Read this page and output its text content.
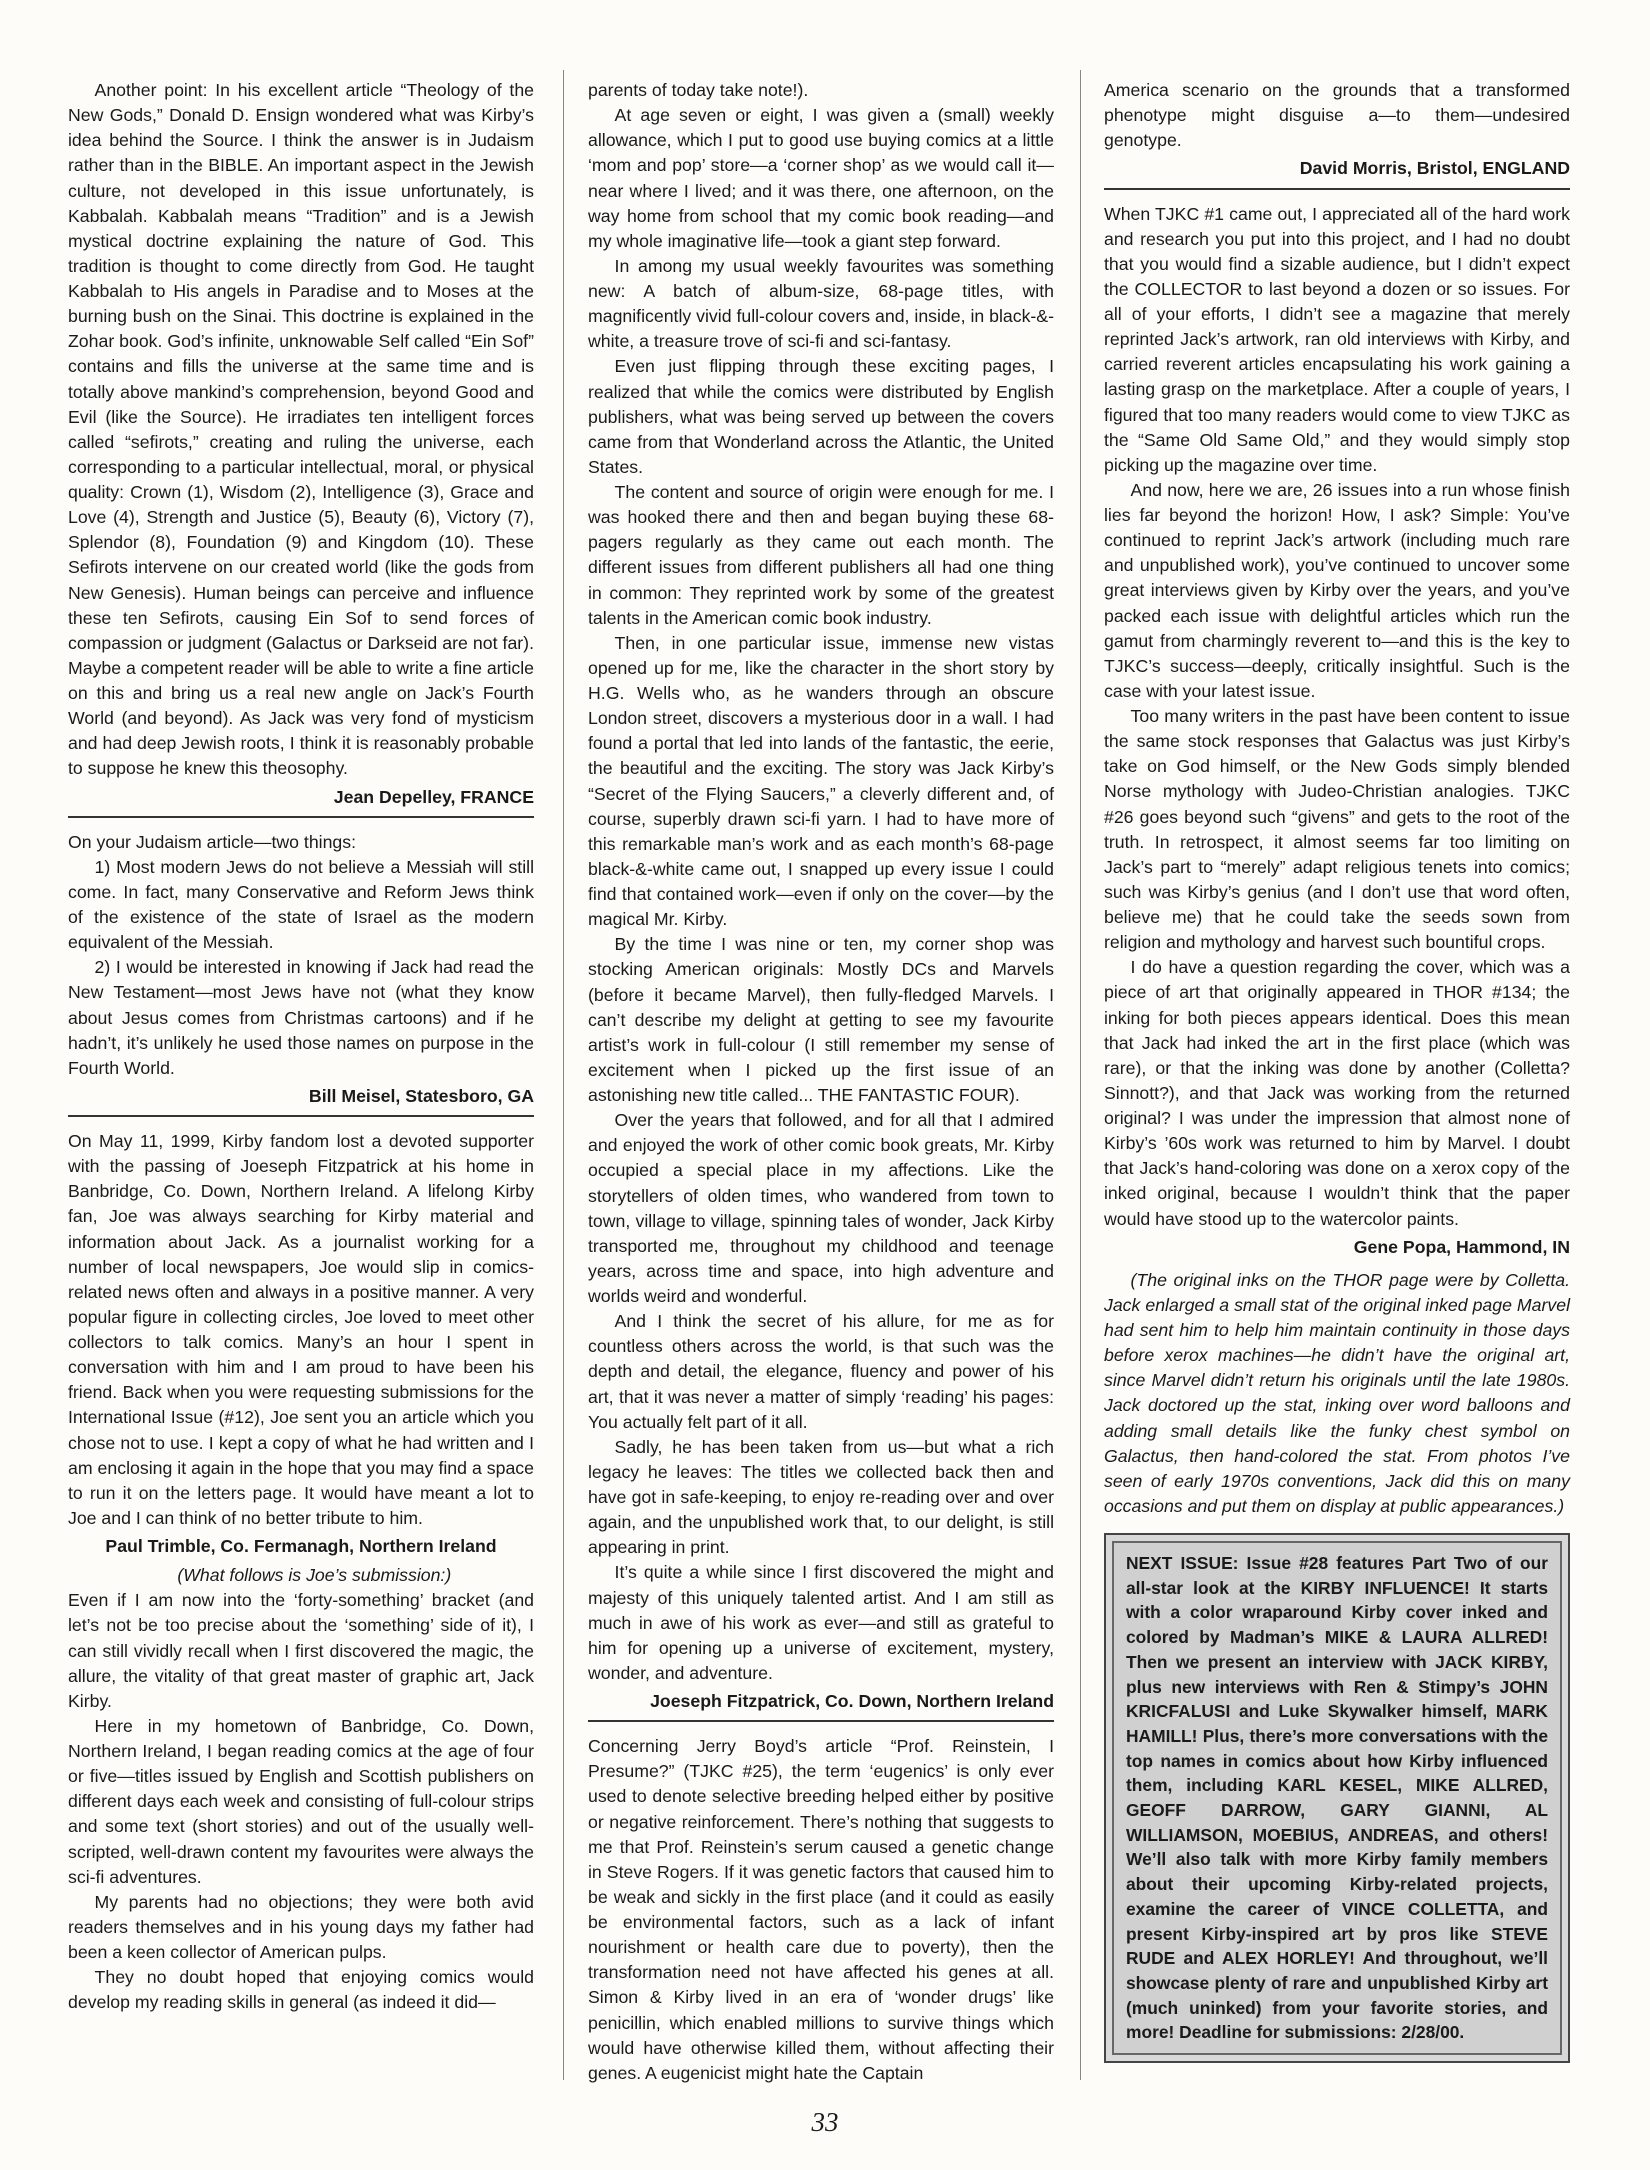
Another point: In his excellent article “Theology of the New Gods,” Donald D. Ensign wondered what was Kirby’s idea behind the Source. I think the answer is in Judaism rather than in the BIBLE. An important aspect in the Jewish culture, not developed in this issue unfortunately, is Kabbalah. Kabbalah means “Tradition” and is a Jewish mystical doctrine explaining the nature of God. This tradition is thought to come directly from God. He taught Kabbalah to His angels in Paradise and to Moses at the burning bush on the Sinai. This doctrine is explained in the Zohar book. God’s infinite, unknowable Self called “Ein Sof” contains and fills the universe at the same time and is totally above mankind’s comprehension, beyond Good and Evil (like the Source). He irradiates ten intelligent forces called “sefirots,” creating and ruling the universe, each corresponding to a particular intellectual, moral, or physical quality: Crown (1), Wisdom (2), Intelligence (3), Grace and Love (4), Strength and Justice (5), Beauty (6), Victory (7), Splendor (8), Foundation (9) and Kingdom (10). These Sefirots intervene on our created world (like the gods from New Genesis). Human beings can perceive and influence these ten Sefirots, causing Ein Sof to send forces of compassion or judgment (Galactus or Darkseid are not far). Maybe a competent reader will be able to write a fine article on this and bring us a real new angle on Jack’s Fourth World (and beyond). As Jack was very fond of mysticism and had deep Jewish roots, I think it is reasonably probable to suppose he knew this theosophy.

Jean Depelley, FRANCE

On your Judaism article—two things:

1) Most modern Jews do not believe a Messiah will still come. In fact, many Conservative and Reform Jews think of the existence of the state of Israel as the modern equivalent of the Messiah.

2) I would be interested in knowing if Jack had read the New Testament—most Jews have not (what they know about Jesus comes from Christmas cartoons) and if he hadn’t, it’s unlikely he used those names on purpose in the Fourth World.

Bill Meisel, Statesboro, GA

On May 11, 1999, Kirby fandom lost a devoted supporter with the passing of Joeseph Fitzpatrick at his home in Banbridge, Co. Down, Northern Ireland. A lifelong Kirby fan, Joe was always searching for Kirby material and information about Jack. As a journalist working for a number of local newspapers, Joe would slip in comics-related news often and always in a positive manner. A very popular figure in collecting circles, Joe loved to meet other collectors to talk comics. Many’s an hour I spent in conversation with him and I am proud to have been his friend. Back when you were requesting submissions for the International Issue (#12), Joe sent you an article which you chose not to use. I kept a copy of what he had written and I am enclosing it again in the hope that you may find a space to run it on the letters page. It would have meant a lot to Joe and I can think of no better tribute to him.

Paul Trimble, Co. Fermanagh, Northern Ireland

(What follows is Joe’s submission:)

Even if I am now into the ‘forty-something’ bracket (and let’s not be too precise about the ‘something’ side of it), I can still vividly recall when I first discovered the magic, the allure, the vitality of that great master of graphic art, Jack Kirby.

Here in my hometown of Banbridge, Co. Down, Northern Ireland, I began reading comics at the age of four or five—titles issued by English and Scottish publishers on different days each week and consisting of full-colour strips and some text (short stories) and out of the usually well-scripted, well-drawn content my favourites were always the sci-fi adventures.

My parents had no objections; they were both avid readers themselves and in his young days my father had been a keen collector of American pulps.

They no doubt hoped that enjoying comics would develop my reading skills in general (as indeed it did—

parents of today take note!).

At age seven or eight, I was given a (small) weekly allowance, which I put to good use buying comics at a little ‘mom and pop’ store—a ‘corner shop’ as we would call it—near where I lived; and it was there, one afternoon, on the way home from school that my comic book reading—and my whole imaginative life—took a giant step forward.

In among my usual weekly favourites was something new: A batch of album-size, 68-page titles, with magnificently vivid full-colour covers and, inside, in black-&-white, a treasure trove of sci-fi and sci-fantasy.

Even just flipping through these exciting pages, I realized that while the comics were distributed by English publishers, what was being served up between the covers came from that Wonderland across the Atlantic, the United States.

The content and source of origin were enough for me. I was hooked there and then and began buying these 68-pagers regularly as they came out each month. The different issues from different publishers all had one thing in common: They reprinted work by some of the greatest talents in the American comic book industry.

Then, in one particular issue, immense new vistas opened up for me, like the character in the short story by H.G. Wells who, as he wanders through an obscure London street, discovers a mysterious door in a wall. I had found a portal that led into lands of the fantastic, the eerie, the beautiful and the exciting. The story was Jack Kirby’s “Secret of the Flying Saucers,” a cleverly different and, of course, superbly drawn sci-fi yarn. I had to have more of this remarkable man’s work and as each month’s 68-page black-&-white came out, I snapped up every issue I could find that contained work—even if only on the cover—by the magical Mr. Kirby.

By the time I was nine or ten, my corner shop was stocking American originals: Mostly DCs and Marvels (before it became Marvel), then fully-fledged Marvels. I can’t describe my delight at getting to see my favourite artist’s work in full-colour (I still remember my sense of excitement when I picked up the first issue of an astonishing new title called... THE FANTASTIC FOUR).

Over the years that followed, and for all that I admired and enjoyed the work of other comic book greats, Mr. Kirby occupied a special place in my affections. Like the storytellers of olden times, who wandered from town to town, village to village, spinning tales of wonder, Jack Kirby transported me, throughout my childhood and teenage years, across time and space, into high adventure and worlds weird and wonderful.

And I think the secret of his allure, for me as for countless others across the world, is that such was the depth and detail, the elegance, fluency and power of his art, that it was never a matter of simply ‘reading’ his pages: You actually felt part of it all.

Sadly, he has been taken from us—but what a rich legacy he leaves: The titles we collected back then and have got in safe-keeping, to enjoy re-reading over and over again, and the unpublished work that, to our delight, is still appearing in print.

It’s quite a while since I first discovered the might and majesty of this uniquely talented artist. And I am still as much in awe of his work as ever—and still as grateful to him for opening up a universe of excitement, mystery, wonder, and adventure.

Joeseph Fitzpatrick, Co. Down, Northern Ireland

Concerning Jerry Boyd’s article “Prof. Reinstein, I Presume?” (TJKC #25), the term ‘eugenics’ is only ever used to denote selective breeding helped either by positive or negative reinforcement. There’s nothing that suggests to me that Prof. Reinstein’s serum caused a genetic change in Steve Rogers. If it was genetic factors that caused him to be weak and sickly in the first place (and it could as easily be environmental factors, such as a lack of infant nourishment or health care due to poverty), then the transformation need not have affected his genes at all. Simon & Kirby lived in an era of ‘wonder drugs’ like penicillin, which enabled millions to survive things which would have otherwise killed them, without affecting their genes. A eugenicist might hate the Captain

America scenario on the grounds that a transformed phenotype might disguise a—to them—undesired genotype.

David Morris, Bristol, ENGLAND

When TJKC #1 came out, I appreciated all of the hard work and research you put into this project, and I had no doubt that you would find a sizable audience, but I didn’t expect the COLLECTOR to last beyond a dozen or so issues. For all of your efforts, I didn’t see a magazine that merely reprinted Jack’s artwork, ran old interviews with Kirby, and carried reverent articles encapsulating his work gaining a lasting grasp on the marketplace. After a couple of years, I figured that too many readers would come to view TJKC as the “Same Old Same Old,” and they would simply stop picking up the magazine over time.

And now, here we are, 26 issues into a run whose finish lies far beyond the horizon! How, I ask? Simple: You’ve continued to reprint Jack’s artwork (including much rare and unpublished work), you’ve continued to uncover some great interviews given by Kirby over the years, and you’ve packed each issue with delightful articles which run the gamut from charmingly reverent to—and this is the key to TJKC’s success—deeply, critically insightful. Such is the case with your latest issue.

Too many writers in the past have been content to issue the same stock responses that Galactus was just Kirby’s take on God himself, or the New Gods simply blended Norse mythology with Judeo-Christian analogies. TJKC #26 goes beyond such “givens” and gets to the root of the truth. In retrospect, it almost seems far too limiting on Jack’s part to “merely” adapt religious tenets into comics; such was Kirby’s genius (and I don’t use that word often, believe me) that he could take the seeds sown from religion and mythology and harvest such bountiful crops.

I do have a question regarding the cover, which was a piece of art that originally appeared in THOR #134; the inking for both pieces appears identical. Does this mean that Jack had inked the art in the first place (which was rare), or that the inking was done by another (Colletta? Sinnott?), and that Jack was working from the returned original? I was under the impression that almost none of Kirby’s ’60s work was returned to him by Marvel. I doubt that Jack’s hand-coloring was done on a xerox copy of the inked original, because I wouldn’t think that the paper would have stood up to the watercolor paints.

Gene Popa, Hammond, IN

(The original inks on the THOR page were by Colletta. Jack enlarged a small stat of the original inked page Marvel had sent him to help him maintain continuity in those days before xerox machines—he didn’t have the original art, since Marvel didn’t return his originals until the late 1980s. Jack doctored up the stat, inking over word balloons and adding small details like the funky chest symbol on Galactus, then hand-colored the stat. From photos I’ve seen of early 1970s conventions, Jack did this on many occasions and put them on display at public appearances.)

NEXT ISSUE: Issue #28 features Part Two of our all-star look at the KIRBY INFLUENCE! It starts with a color wraparound Kirby cover inked and colored by Madman’s MIKE & LAURA ALLRED! Then we present an interview with JACK KIRBY, plus new interviews with Ren & Stimpy’s JOHN KRICFALUSI and Luke Skywalker himself, MARK HAMILL! Plus, there’s more conversations with the top names in comics about how Kirby influenced them, including KARL KESEL, MIKE ALLRED, GEOFF DARROW, GARY GIANNI, AL WILLIAMSON, MOEBIUS, ANDREAS, and others! We’ll also talk with more Kirby family members about their upcoming Kirby-related projects, examine the career of VINCE COLLETTA, and present Kirby-inspired art by pros like STEVE RUDE and ALEX HORLEY! And throughout, we’ll showcase plenty of rare and unpublished Kirby art (much uninked) from your favorite stories, and more! Deadline for submissions: 2/28/00.
33
